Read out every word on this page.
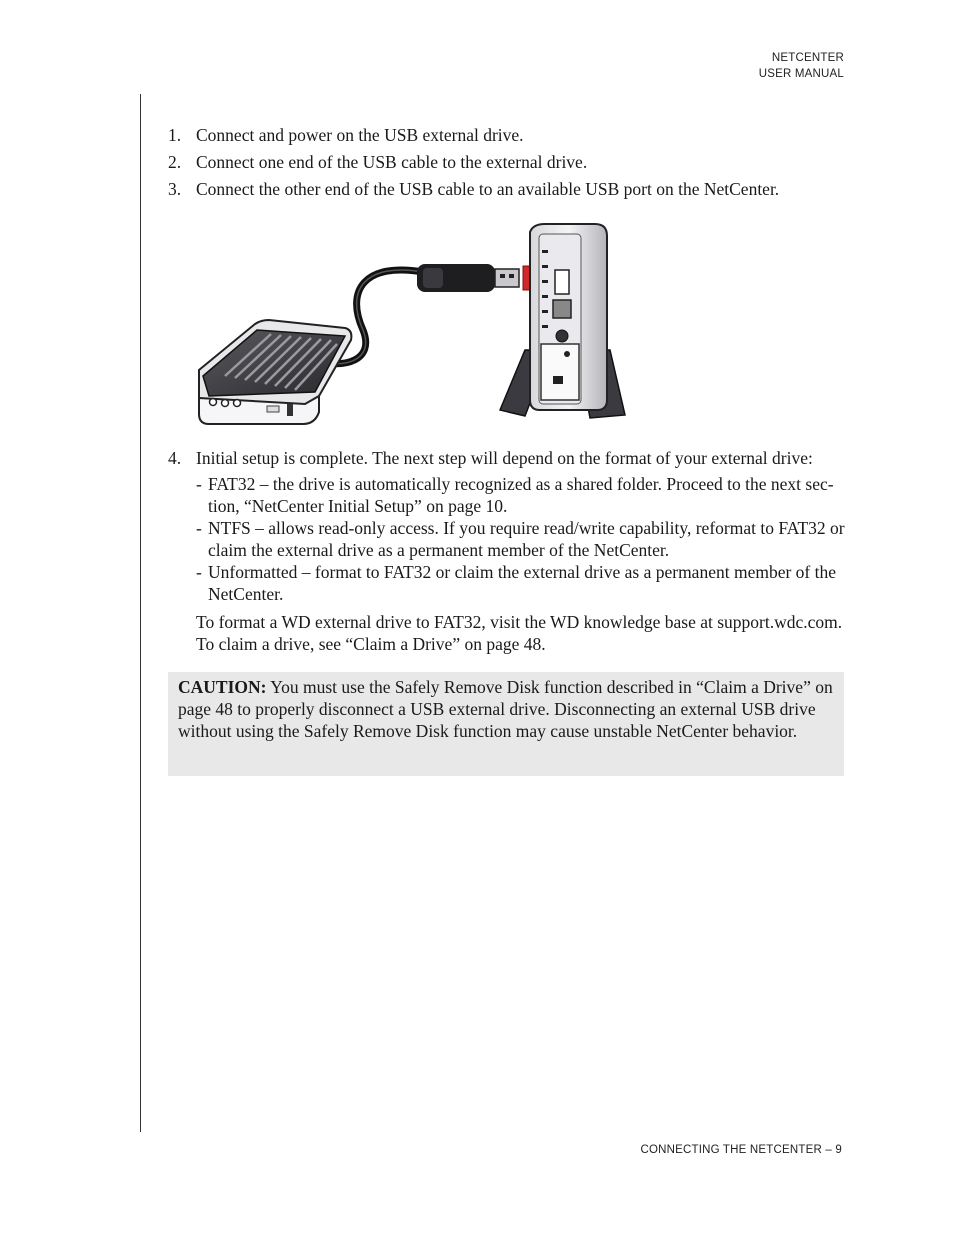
NETCENTER
USER MANUAL
1. Connect and power on the USB external drive.
2. Connect one end of the USB cable to the external drive.
3. Connect the other end of the USB cable to an available USB port on the NetCenter.
4. Initial setup is complete. The next step will depend on the format of your external drive:
- FAT32 – the drive is automatically recognized as a shared folder. Proceed to the next sec-tion, “NetCenter Initial Setup” on page 10.
- NTFS – allows read-only access. If you require read/write capability, reformat to FAT32 or claim the external drive as a permanent member of the NetCenter.
- Unformatted – format to FAT32 or claim the external drive as a permanent member of the NetCenter.
To format a WD external drive to FAT32, visit the WD knowledge base at support.wdc.com. To claim a drive, see “Claim a Drive” on page 48.
CAUTION: You must use the Safely Remove Disk function described in “Claim a Drive” on page 48 to properly disconnect a USB external drive. Disconnecting an external USB drive without using the Safely Remove Disk function may cause unstable NetCenter behavior.
CONNECTING THE NETCENTER – 9
